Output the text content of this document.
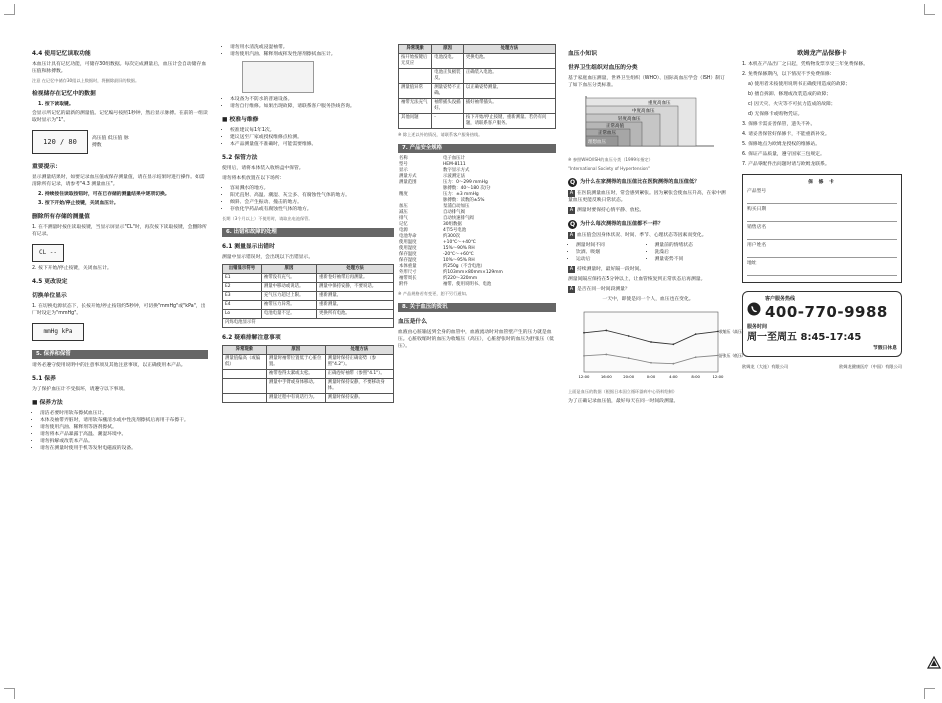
4.4 使用记忆读取功能

本血压计具有记忆功能，可储存30组数据。每次完成测量后，血压计会自动储存血压值和脉搏数。

注意 在记忆中储存30组以上数据时，将删除最旧的数据。

检视储存在记忆中的数据
1. 按下读取键。

会显示所记忆的最新的测量值。记忆编号按照1秒钟，然后显示脉搏。在前的一组读取时显示为"1"。

120 / 80	高压值 低压值 脉搏数
重要提示：

显示测量结果时，如要记录血压值或保存测量值，请在显示结果时进行操作。如需清除所有记录，请参考"4.3 测量血压"。

2. 持续按住读取按钮时，可在已存储的测量结果中逐项切换。
3. 按下开始/停止按键，关闭血压计。
删除所有存储的测量值

1. 在不测量时按住读取按键，当显示屏显示"CL"时，再次按下读取按键，会删除所有记录。

CL --

2. 按下开始/停止按键，关闭血压计。

4.5 更改设定
切换单位显示

1. 在切换电源状态下，长按开始/停止按钮约5秒钟，可切换"mmHg"或"kPa"，出厂时设定为"mmHg"。

mmHg kPa
5. 保养和保管

请务必遵守使用说明中的注意事项及其他注意事项，以正确使用本产品。

5.1 保养

为了保护血压计不受损坏，请遵守以下事项。

■ 保养方法
• 清洁必要时用软布擦拭血压计。
• 本体及袖带弄脏时，请用软布蘸清水或中性洗剂擦拭后再用干布擦干。
• 请勿使用汽油、稀释剂等溶剂擦拭。
• 请勿将本产品暴露于高温、潮湿环境中。
• 请勿拆解或改装本产品。
• 请勿在测量时使用手机等发射电磁波的设备。
• 请勿用水清洗或浸湿袖带。
• 请勿使用汽油、稀释剂或挥发性溶剂擦拭血压计。
• 本设备为不防水的普通设备。
• 请勿自行维修。如果出现故障，请联系客户服务热线咨询。
■ 校准与维修
• 校准建议每1年1次。
• 建议送至厂家或授权维修点检测。
• 本产品测量值不准确时，可能需要维修。
5.2 保管方法

使用后，请将本体装入收纳盒中保管。

请勿将本机放置在以下场所：

• 容易溅水的地方。
• 阳光直射、高温、潮湿、灰尘多、有腐蚀性气体的地方。
• 倾斜、会产生振动、撞击的地方。
• 存放化学药品或有腐蚀性气体的地方。

长期（3个月以上）不使用时，请取出电池保管。

6. 出错和故障的处理
6.1 测量显示出错时

测量中显示错误时，会出现以下出错显示。

出错显示符号	原因	处理方法
E1	袖带没有充气。	重新卷好袖带后再测量。
E2	测量中移动或说话。	测量中保持安静，不要说话。
E3	充气压力超过上限。	重新测量。
E4	袖带压力异常。	重新测量。
Lo	电池电量不足。	更换所有电池。
闪烁电池显示符		
6.2 疑难排解注意事项
异常现象	原因	处理方法
测量值偏高（或偏低）	测量时袖带位置低于心脏位置。	测量时保持正确姿势（参照"4.2"）。
	袖带卷得太紧或太松。	正确卷好袖带（参照"4.1"）。
	测量中手臂或身体移动。	测量时保持安静，不要移动身体。
	测量过程中有说话行为。	测量时保持安静。
异常现象	原因	处理方法
按开始按键后无反应	电池没电。	更换电池。
	电池正负极装反。	正确装入电池。
测量值异常	测量姿势不正确。	以正确姿势测量。
袖带无法充气	袖带插头没插好。	插好袖带插头。
其他问题	-	按下开始/停止按键，重新测量。若仍有问题，请联系客户服务。

※ 除上述以外的情况，请联系客户服务热线。

7. 产品安全规格
名称	电子血压计
型号	HEM-8111
显示	数字显示方式
测量方式	示波测定法
测量范围	压力：0～299 mmHg
	脉搏数：40～180 次/分
精度	压力：±3 mmHg
	脉搏数：读数的±5%
加压	泵浦自动加压
减压	自动排气阀
排气	自动快速排气阀
记忆	30组数据
电源	4节5号电池
电池寿命	约300次
使用温度	+10℃～+40℃
使用湿度	15%～90% RH
保存温度	-20℃～+60℃
保存湿度	10%～95% RH
本体重量	约250g（不含电池）
外形尺寸	约103mm×80mm×129mm
袖带周长	约220～320mm
附件	袖带、使用说明书、电池

※ 产品规格若有变更，恕不另行通知。

8. 关于血压的资讯
血压是什么

血液由心脏输送到全身的血管中，血液流动时对血管壁产生的压力就是血压。心脏收缩时的血压为收缩压（高压），心脏舒张时的血压为舒张压（低压）。

血压小知识
世界卫生组织对血压的分类

基于家庭血压测量，世界卫生组织（WHO）、国际高血压学会（ISH）制订了如下血压分类标准。

重度高血压
中度高血压
轻度高血压
正常高值
正常血压
理想血压

※ 参照WHO/ISH的血压分类（1999年指定）

"International Society of Hypertension"

Q 为什么在家测得的血压值比在医院测得的血压值低？

A 在医院测量血压时，常会感到紧张。因为紧张会使血压升高，在家中测量血压更能反映日常状态。

A 测量时要保持心情平静、放松。

Q 为什么每次测得的血压值都不一样？

A 血压值会因身体状况、时间、季节、心理状态等因素而变化。

• 测量时间不同
• 饮酒、吸烟
• 运动后
• 测量前的情绪状态
• 洗澡后
• 测量姿势不同

A 持续测量时，最好隔一段时间。

测量间隔应保持在5分钟以上，让血管恢复到正常状态后再测量。

A 是否在同一时间段测量？

一天中，即使是同一个人，血压也在变化。

收缩压（高压）
舒张压（低压）
12:00	16:00	20:00	0:00	4:00	8:00	12:00

上面是血压的数据（根据日本国立循环器病中心资料绘制）

为了正确记录血压值，最好每天在同一时间段测量。

欧姆龙产品保修卡

1. 本机在产品出厂之日起，凭购物发票享受三年免费保修。

2. 免费保修期内，以下情况不予免费保修：

a) 使用者未按使用说明书正确使用造成的故障；

b) 擅自拆卸、修理或改装造成的故障；

c) 因天灾、火灾等不可抗力造成的故障；

d) 无保修卡或购物凭证。

3. 保修卡需妥善保管，遗失不补。

4. 请妥善保管好保修卡，不能重新补发。

5. 保修地点为欧姆龙授权的维修站。

6. 保证产品质量，遵守国家三包规定。

7. 产品零配件出问题时请与欧姆龙联系。

保 修 卡
产品型号
购买日期
销售店名
用户姓名
地址
客户服务热线
400-770-9988
服务时间
周一至周五 8:45-17:45
节假日休息
欧姆龙（大连）有限公司	欧姆龙健康医疗（中国）有限公司
